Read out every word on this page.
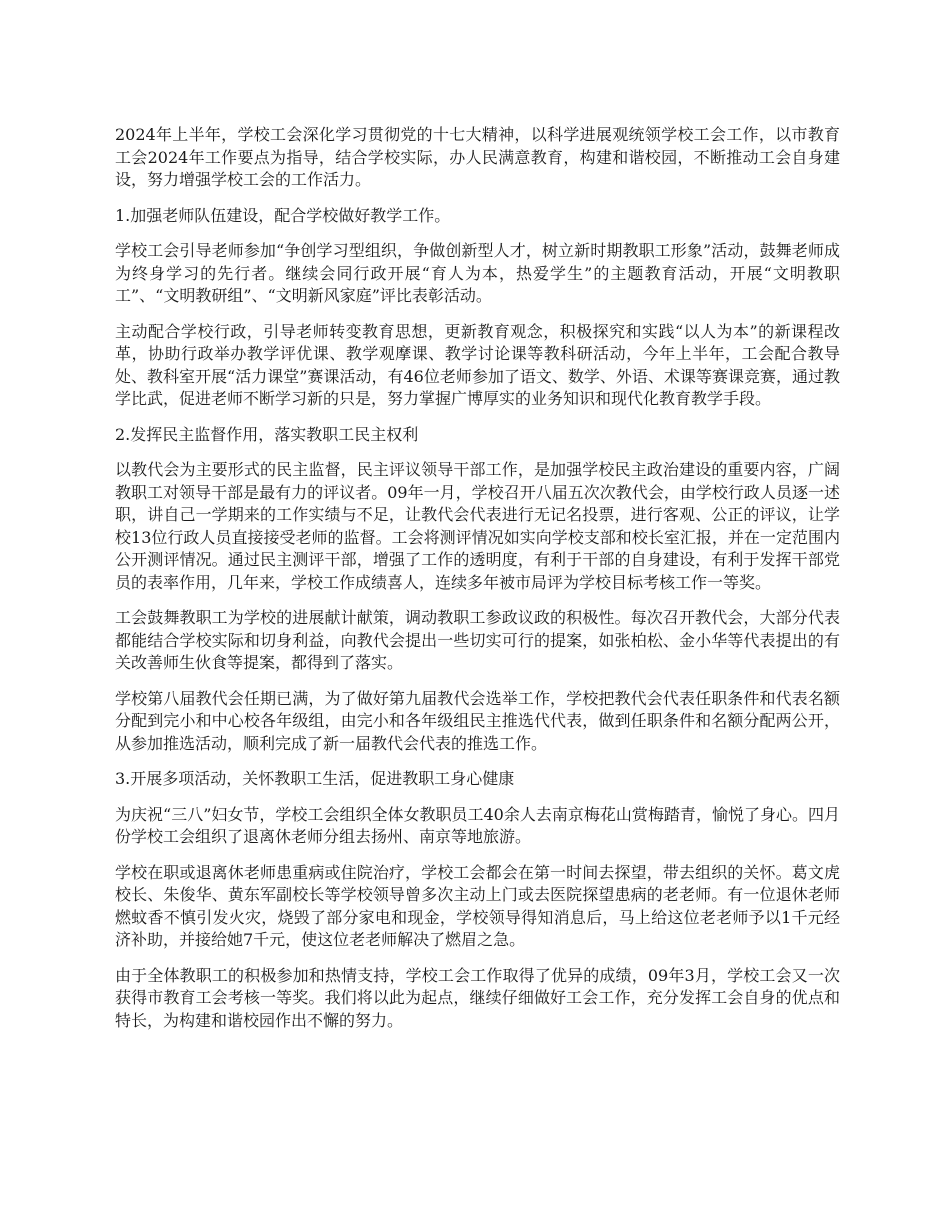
2024年上半年，学校工会深化学习贯彻党的十七大精神，以科学进展观统领学校工会工作，以市教育工会2024年工作要点为指导，结合学校实际，办人民满意教育，构建和谐校园，不断推动工会自身建设，努力增强学校工会的工作活力。

1.加强老师队伍建设，配合学校做好教学工作。

学校工会引导老师参加“争创学习型组织，争做创新型人才，树立新时期教职工形象”活动，鼓舞老师成为终身学习的先行者。继续会同行政开展“育人为本，热爱学生”的主题教育活动，开展“文明教职工”、“文明教研组”、“文明新风家庭”评比表彰活动。

主动配合学校行政，引导老师转变教育思想，更新教育观念，积极探究和实践“以人为本”的新课程改革，协助行政举办教学评优课、教学观摩课、教学讨论课等教科研活动，今年上半年，工会配合教导处、教科室开展“活力课堂”赛课活动，有46位老师参加了语文、数学、外语、术课等赛课竞赛，通过教学比武，促进老师不断学习新的只是，努力掌握广博厚实的业务知识和现代化教育教学手段。

2.发挥民主监督作用，落实教职工民主权利

以教代会为主要形式的民主监督，民主评议领导干部工作，是加强学校民主政治建设的重要内容，广阔教职工对领导干部是最有力的评议者。09年一月，学校召开八届五次次教代会，由学校行政人员逐一述职，讲自己一学期来的工作实绩与不足，让教代会代表进行无记名投票，进行客观、公正的评议，让学校13位行政人员直接接受老师的监督。工会将测评情况如实向学校支部和校长室汇报，并在一定范围内公开测评情况。通过民主测评干部，增强了工作的透明度，有利于干部的自身建设，有利于发挥干部党员的表率作用，几年来，学校工作成绩喜人，连续多年被市局评为学校目标考核工作一等奖。

工会鼓舞教职工为学校的进展献计献策，调动教职工参政议政的积极性。每次召开教代会，大部分代表都能结合学校实际和切身利益，向教代会提出一些切实可行的提案，如张柏松、金小华等代表提出的有关改善师生伙食等提案，都得到了落实。

学校第八届教代会任期已满，为了做好第九届教代会选举工作，学校把教代会代表任职条件和代表名额分配到完小和中心校各年级组，由完小和各年级组民主推选代代表，做到任职条件和名额分配两公开，从参加推选活动，顺利完成了新一届教代会代表的推选工作。

3.开展多项活动，关怀教职工生活，促进教职工身心健康

为庆祝“三八”妇女节，学校工会组织全体女教职员工40余人去南京梅花山赏梅踏青，愉悦了身心。四月份学校工会组织了退离休老师分组去扬州、南京等地旅游。

学校在职或退离休老师患重病或住院治疗，学校工会都会在第一时间去探望，带去组织的关怀。葛文虎校长、朱俊华、黄东军副校长等学校领导曾多次主动上门或去医院探望患病的老老师。有一位退休老师燃蚊香不慎引发火灾，烧毁了部分家电和现金，学校领导得知消息后，马上给这位老老师予以1千元经济补助，并接给她7千元，使这位老老师解决了燃眉之急。

由于全体教职工的积极参加和热情支持，学校工会工作取得了优异的成绩，09年3月，学校工会又一次获得市教育工会考核一等奖。我们将以此为起点，继续仔细做好工会工作，充分发挥工会自身的优点和特长，为构建和谐校园作出不懈的努力。
